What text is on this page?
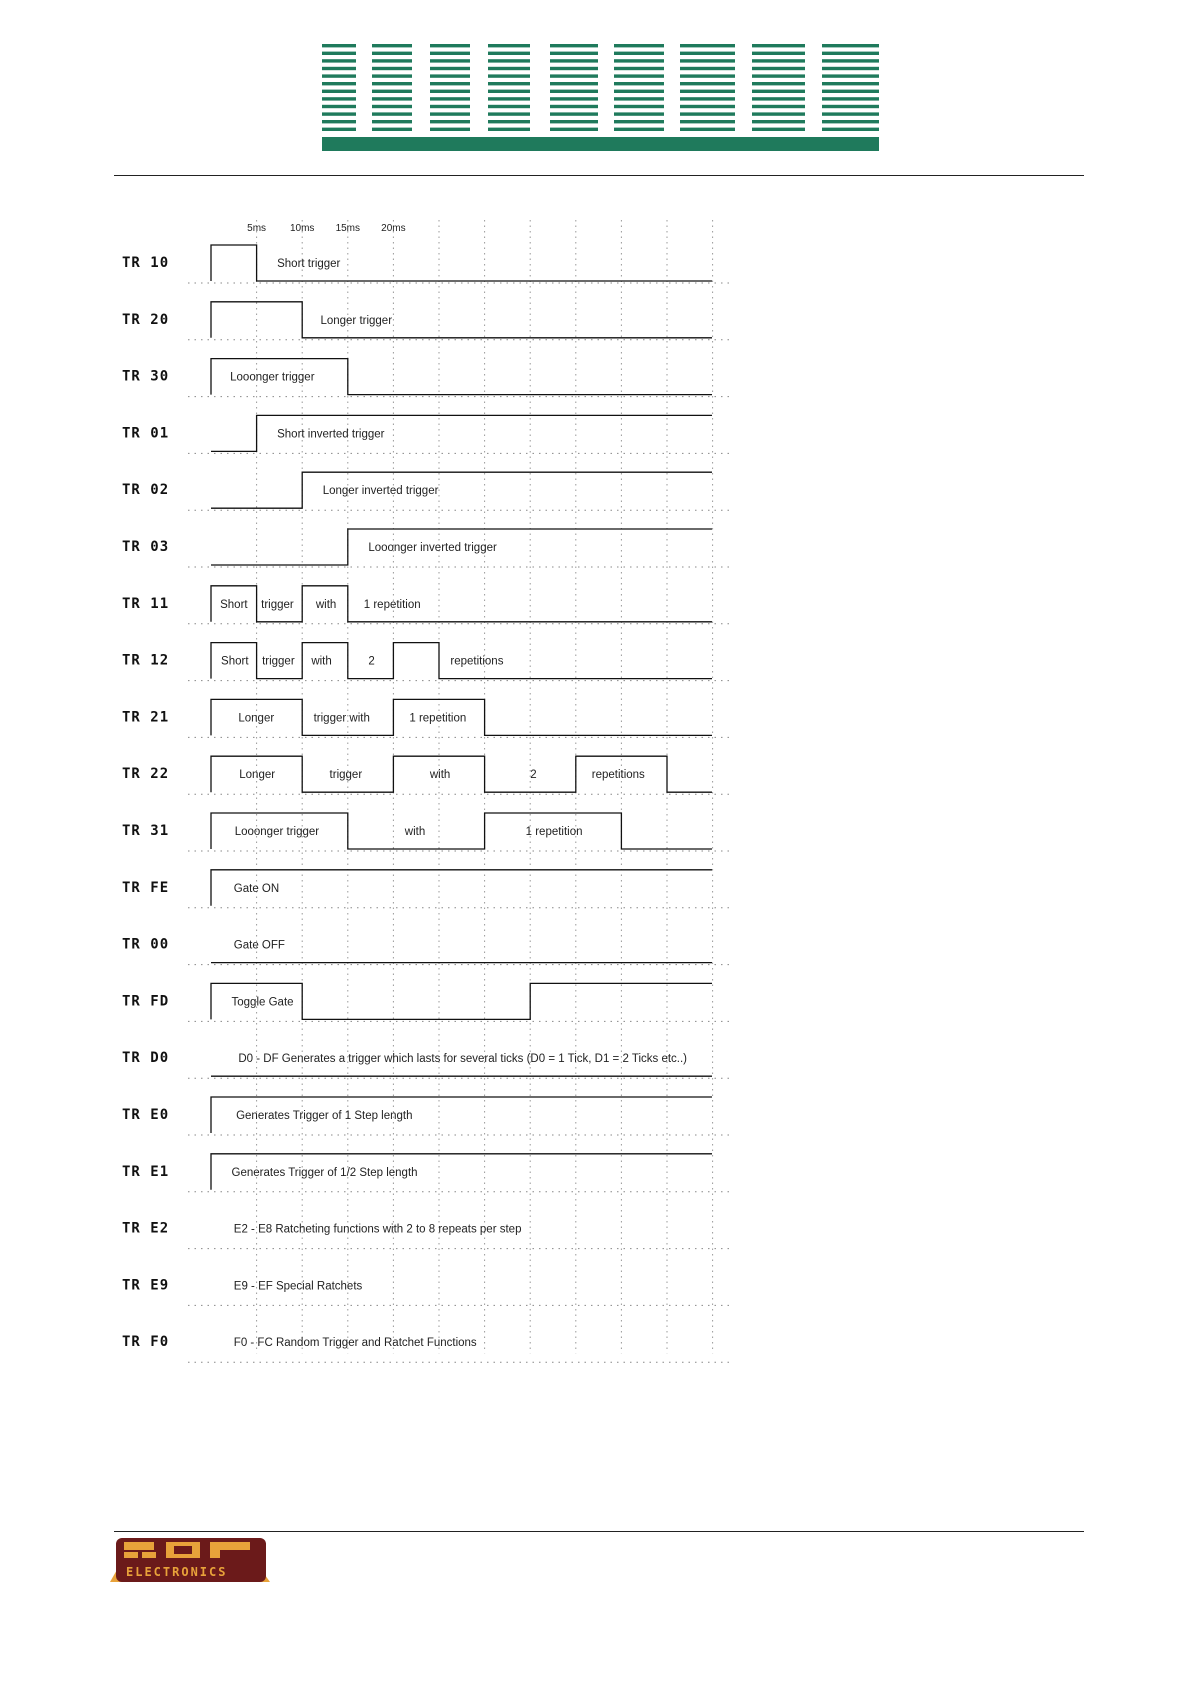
5ms 10ms 15ms 20ms
TR 10	Short trigger
TR 20	Longer trigger
TR 30	Looonger trigger
TR 01	Short inverted trigger
TR 02	Longer inverted trigger
TR 03	Looonger inverted trigger
TR 11	Short trigger with 1 repetition
TR 12	Short trigger with	2	repetitions
TR 21	Longer	trigger with	1 repetition
TR 22	Longer	trigger	with	2	repetitions
TR 31	Looonger trigger	with	1 repetition
TR FE	Gate ON
TR 00	Gate OFF
TR FD	Toggle Gate
TR D0	D0 - DF Generates a trigger which lasts for several ticks (D0 = 1 Tick, D1 = 2 Ticks etc..)
TR E0	Generates Trigger of 1 Step length
TR E1	Generates Trigger of 1/2 Step length
TR E2	E2 - E8 Ratcheting functions with 2 to 8 repeats per step
TR E9	E9 - EF Special Ratchets
TR F0	F0 - FC Random Trigger and Ratchet Functions
ELECTRONICS
